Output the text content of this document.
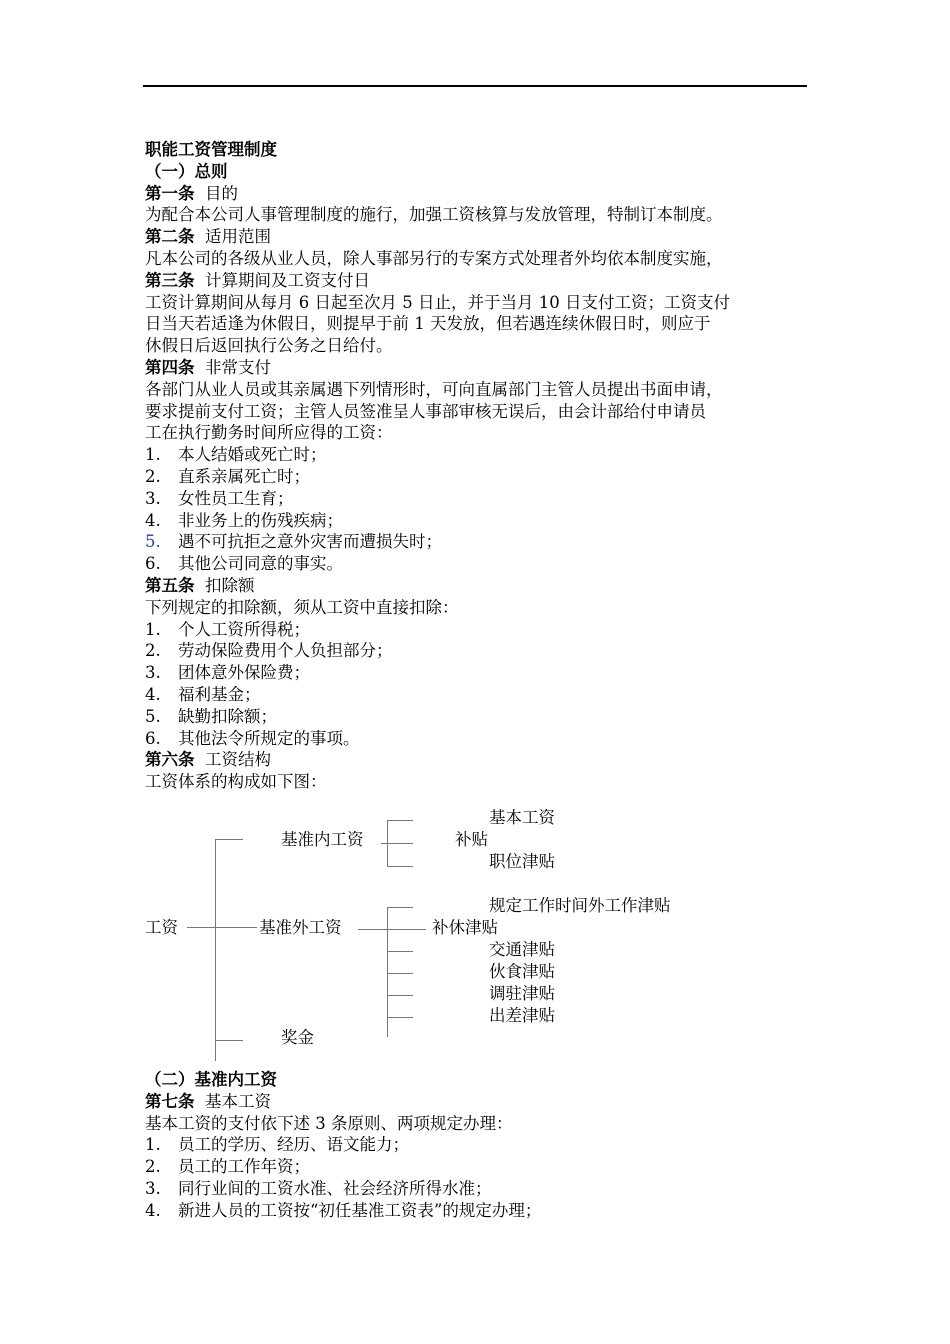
职能工资管理制度
（一）总则
第一条 目的
为配合本公司人事管理制度的施行，加强工资核算与发放管理，特制订本制度。
第二条 适用范围
凡本公司的各级从业人员，除人事部另行的专案方式处理者外均依本制度实施，
第三条 计算期间及工资支付日
工资计算期间从每月 6 日起至次月 5 日止，并于当月 10 日支付工资；工资支付
日当天若适逢为休假日，则提早于前 1 天发放，但若遇连续休假日时，则应于
休假日后返回执行公务之日给付。
第四条 非常支付
各部门从业人员或其亲属遇下列情形时，可向直属部门主管人员提出书面申请，
要求提前支付工资；主管人员签准呈人事部审核无误后，由会计部给付申请员
工在执行勤务时间所应得的工资：
1. 本人结婚或死亡时；
2. 直系亲属死亡时；
3. 女性员工生育；
4. 非业务上的伤残疾病；
5. 遇不可抗拒之意外灾害而遭损失时；
6. 其他公司同意的事实。
第五条 扣除额
下列规定的扣除额，须从工资中直接扣除：
1. 个人工资所得税；
2. 劳动保险费用个人负担部分；
3. 团体意外保险费；
4. 福利基金；
5. 缺勤扣除额；
6. 其他法令所规定的事项。
第六条 工资结构
工资体系的构成如下图：
工资
基准内工资
基准外工资
奖金
基本工资
补贴
职位津贴
规定工作时间外工作津贴
补休津贴
交通津贴
伙食津贴
调驻津贴
出差津贴
（二）基准内工资
第七条 基本工资
基本工资的支付依下述 3 条原则、两项规定办理：
1. 员工的学历、经历、语文能力；
2. 员工的工作年资；
3. 同行业间的工资水准、社会经济所得水准；
4. 新进人员的工资按“初任基准工资表”的规定办理；
